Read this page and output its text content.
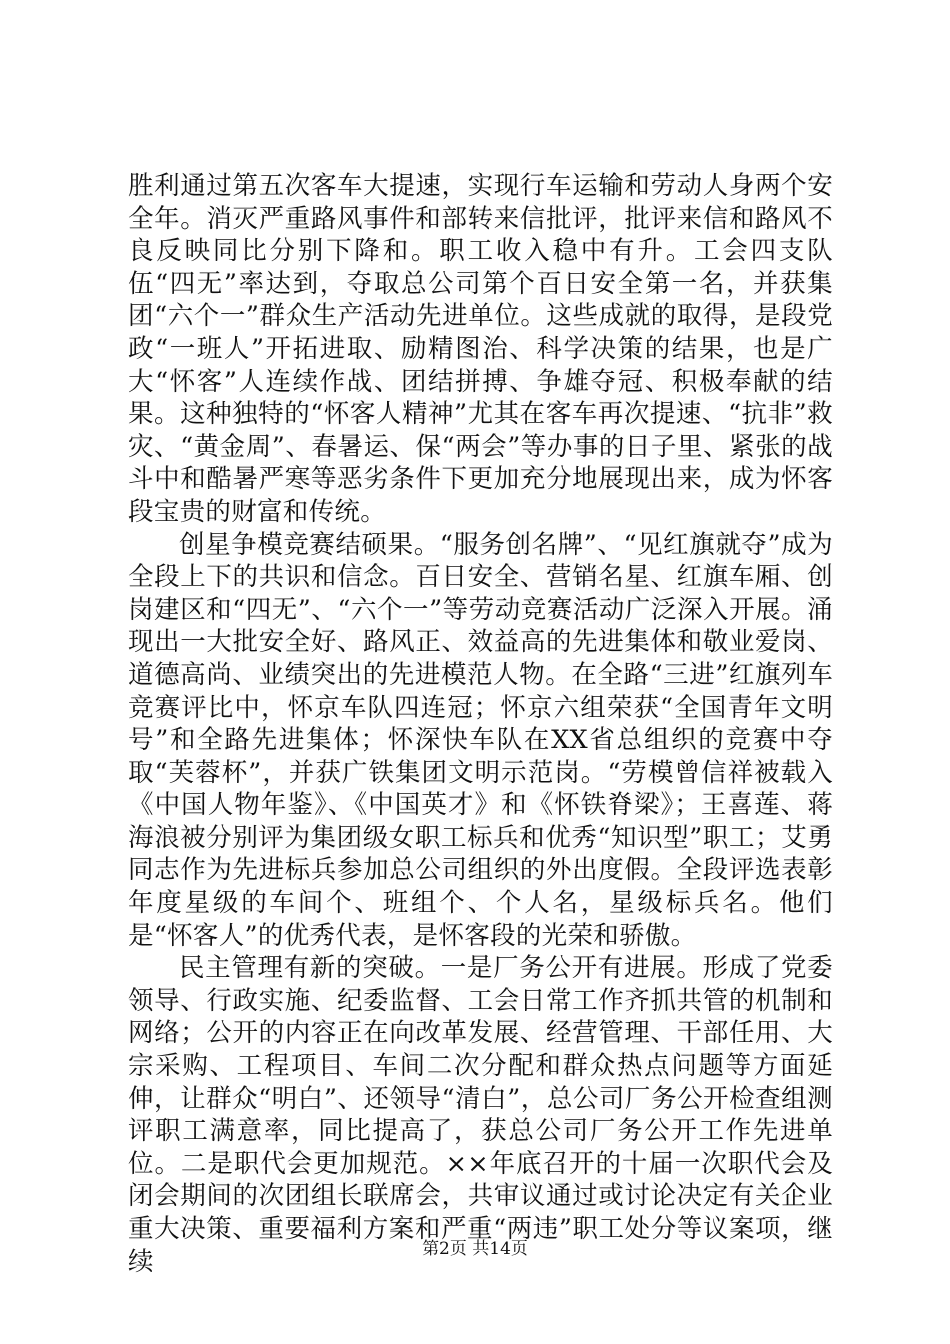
胜利通过第五次客车大提速，实现行车运输和劳动人身两个安全年。消灭严重路风事件和部转来信批评，批评来信和路风不良反映同比分别下降和。职工收入稳中有升。工会四支队伍“四无”率达到，夺取总公司第个百日安全第一名，并获集团“六个一”群众生产活动先进单位。这些成就的取得，是段党政“一班人”开拓进取、励精图治、科学决策的结果，也是广大“怀客”人连续作战、团结拼搏、争雄夺冠、积极奉献的结果。这种独特的“怀客人精神”尤其在客车再次提速、“抗非”救灾、“黄金周”、春暑运、保“两会”等办事的日子里、紧张的战斗中和酷暑严寒等恶劣条件下更加充分地展现出来，成为怀客段宝贵的财富和传统。

创星争模竞赛结硕果。“服务创名牌”、“见红旗就夺”成为全段上下的共识和信念。百日安全、营销名星、红旗车厢、创岗建区和“四无”、“六个一”等劳动竞赛活动广泛深入开展。涌现出一大批安全好、路风正、效益高的先进集体和敬业爱岗、道德高尚、业绩突出的先进模范人物。在全路“三进”红旗列车竞赛评比中，怀京车队四连冠；怀京六组荣获“全国青年文明号”和全路先进集体；怀深快车队在XX省总组织的竞赛中夺取“芙蓉杯”，并获广铁集团文明示范岗。“劳模曾信祥被载入《中国人物年鉴》、《中国英才》和《怀铁脊梁》；王喜莲、蒋海浪被分别评为集团级女职工标兵和优秀“知识型”职工；艾勇同志作为先进标兵参加总公司组织的外出度假。全段评选表彰年度星级的车间个、班组个、个人名，星级标兵名。他们是“怀客人”的优秀代表，是怀客段的光荣和骄傲。

民主管理有新的突破。一是厂务公开有进展。形成了党委领导、行政实施、纪委监督、工会日常工作齐抓共管的机制和网络；公开的内容正在向改革发展、经营管理、干部任用、大宗采购、工程项目、车间二次分配和群众热点问题等方面延伸，让群众“明白”、还领导“清白”，总公司厂务公开检查组测评职工满意率，同比提高了，获总公司厂务公开工作先进单位。二是职代会更加规范。××年底召开的十届一次职代会及闭会期间的次团组长联席会，共审议通过或讨论决定有关企业重大决策、重要福利方案和严重“两违”职工处分等议案项，继续	第2页 共14页
